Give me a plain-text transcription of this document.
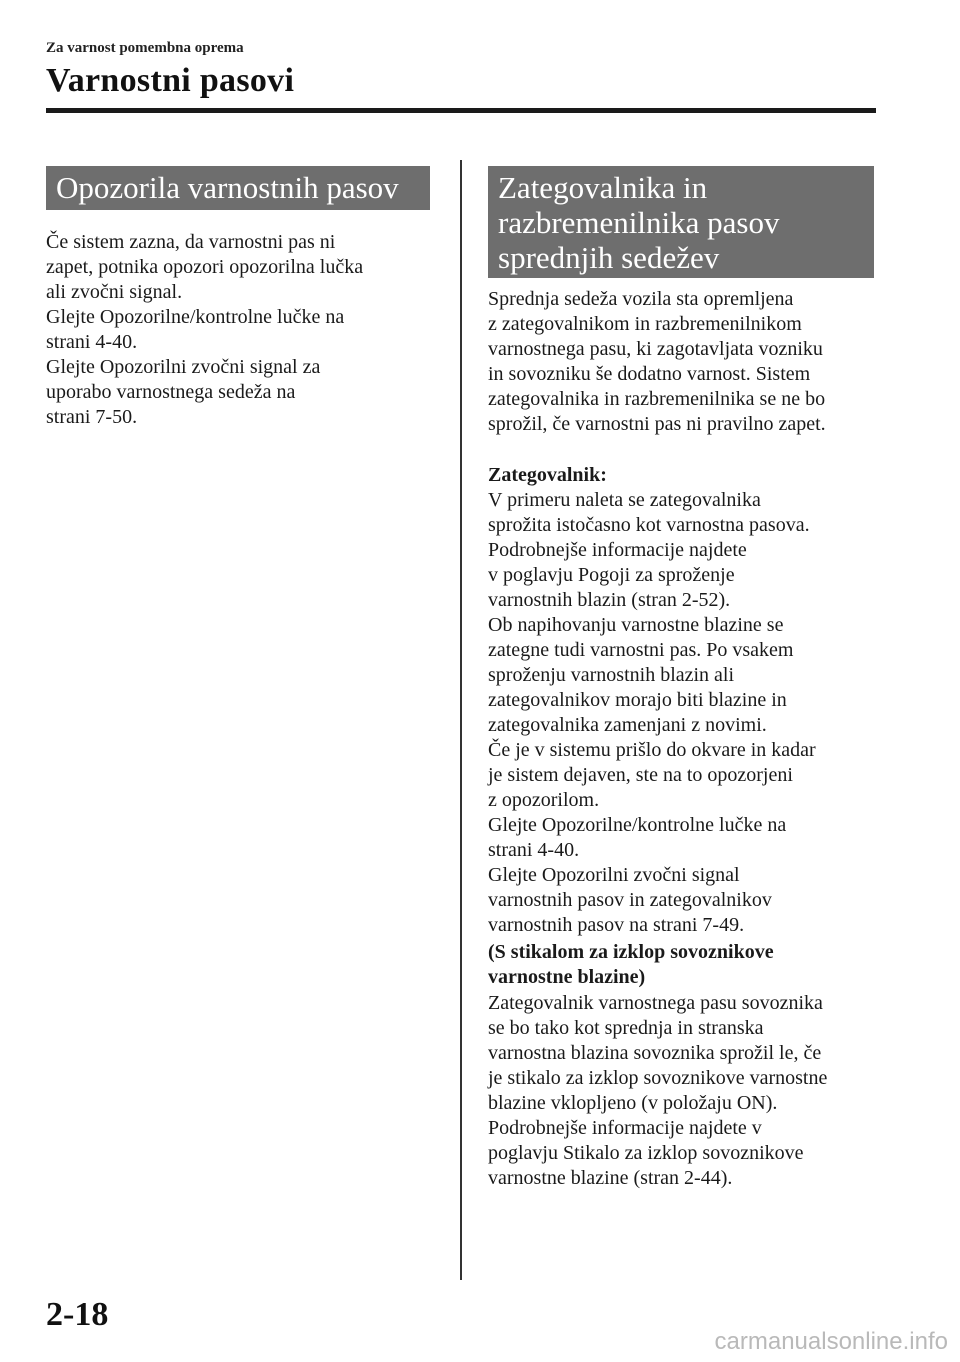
Za varnost pomembna oprema
Varnostni pasovi
Opozorila varnostnih pasov
Če sistem zazna, da varnostni pas ni
zapet, potnika opozori opozorilna lučka
ali zvočni signal.
Glejte Opozorilne/kontrolne lučke na
strani 4-40.
Glejte Opozorilni zvočni signal za
uporabo varnostnega sedeža na
strani 7-50.
Zategovalnika in
razbremenilnika pasov
sprednjih sedežev
Sprednja sedeža vozila sta opremljena
z zategovalnikom in razbremenilnikom
varnostnega pasu, ki zagotavljata vozniku
in sovozniku še dodatno varnost. Sistem
zategovalnika in razbremenilnika se ne bo
sprožil, če varnostni pas ni pravilno zapet.
Zategovalnik:
V primeru naleta se zategovalnika
sprožita istočasno kot varnostna pasova.
Podrobnejše informacije najdete
v poglavju Pogoji za sproženje
varnostnih blazin (stran 2-52).
Ob napihovanju varnostne blazine se
zategne tudi varnostni pas. Po vsakem
sproženju varnostnih blazin ali
zategovalnikov morajo biti blazine in
zategovalnika zamenjani z novimi.
Če je v sistemu prišlo do okvare in kadar
je sistem dejaven, ste na to opozorjeni
z opozorilom.
Glejte Opozorilne/kontrolne lučke na
strani 4-40.
Glejte Opozorilni zvočni signal
varnostnih pasov in zategovalnikov
varnostnih pasov na strani 7-49.
(S stikalom za izklop sovoznikove
varnostne blazine)
Zategovalnik varnostnega pasu sovoznika
se bo tako kot sprednja in stranska
varnostna blazina sovoznika sprožil le, če
je stikalo za izklop sovoznikove varnostne
blazine vklopljeno (v položaju ON).
Podrobnejše informacije najdete v
poglavju Stikalo za izklop sovoznikove
varnostne blazine (stran 2-44).
2-18
carmanualsonline.info
